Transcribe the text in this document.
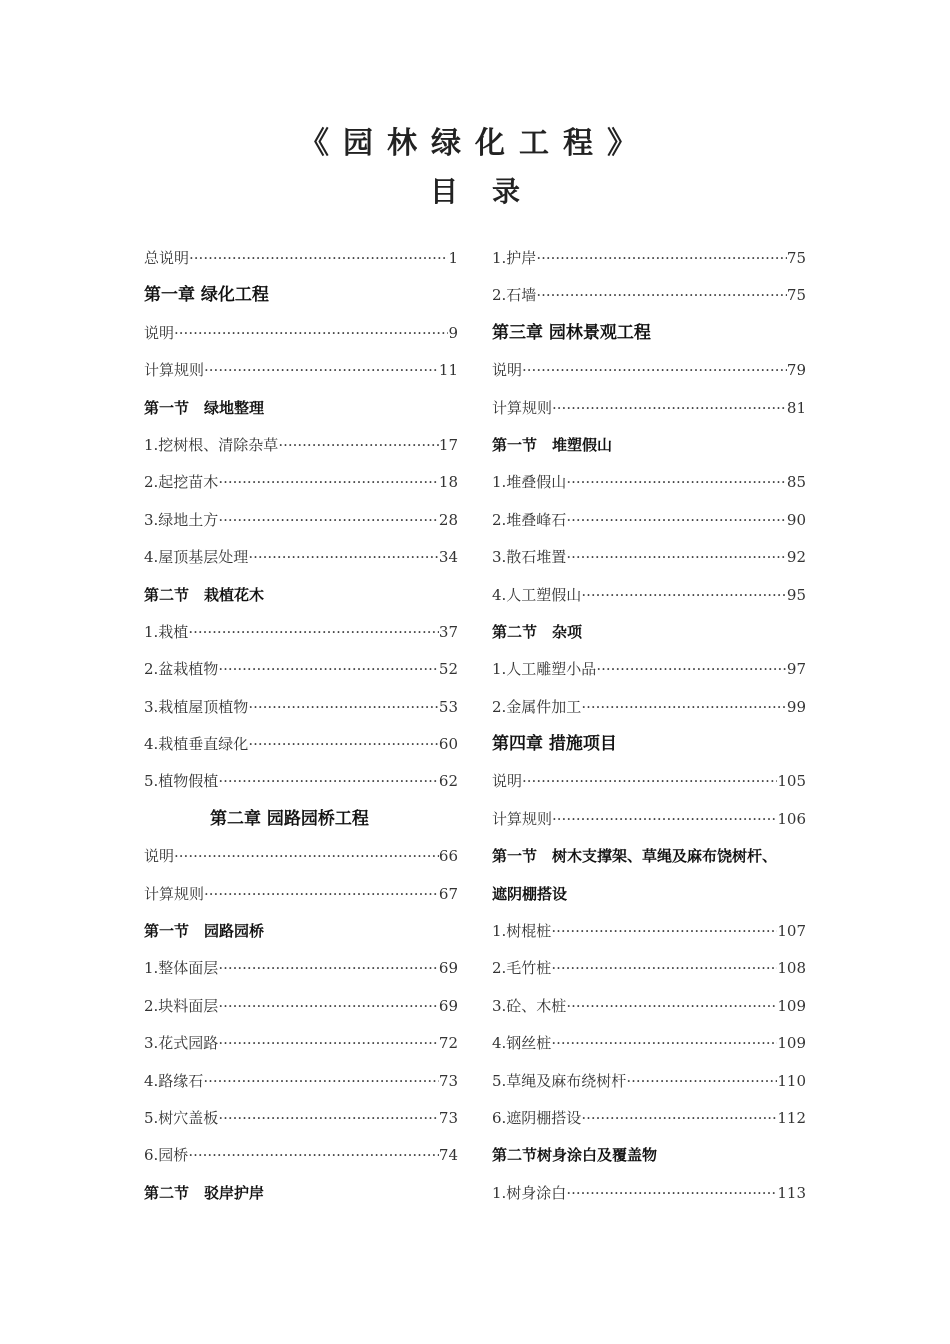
《园林绿化工程》
目录
总说明 ·····	1
第一章 绿化工程
说明 ·····	9
计算规则 ·····	11
第一节　绿地整理
1.挖树根、清除杂草 ·····	17
2.起挖苗木 ·····	18
3.绿地土方 ·····	28
4.屋顶基层处理 ·····	34
第二节　栽植花木
1.栽植 ·····	37
2.盆栽植物 ·····	52
3.栽植屋顶植物 ·····	53
4.栽植垂直绿化 ·····	60
5.植物假植 ·····	62
第二章 园路园桥工程
说明 ·····	66
计算规则 ·····	67
第一节　园路园桥
1.整体面层 ·····	69
2.块料面层 ·····	69
3.花式园路 ·····	72
4.路缘石 ·····	73
5.树穴盖板 ·····	73
6.园桥 ·····	74
第二节　驳岸护岸
1.护岸 ·····	75
2.石墙 ·····	75
第三章 园林景观工程
说明 ·····	79
计算规则 ·····	81
第一节　堆塑假山
1.堆叠假山 ·····	85
2.堆叠峰石 ·····	90
3.散石堆置 ·····	92
4.人工塑假山 ·····	95
第二节　杂项
1.人工雕塑小品 ·····	97
2.金属件加工 ·····	99
第四章 措施项目
说明 ·····	105
计算规则 ·····	106
第一节　树木支撑架、草绳及麻布饶树杆、
遮阴棚搭设
1.树棍桩 ·····	107
2.毛竹桩 ·····	108
3.砼、木桩 ·····	109
4.钢丝桩 ·····	109
5.草绳及麻布绕树杆 ·····	110
6.遮阴棚搭设 ·····	112
第二节树身涂白及覆盖物
1.树身涂白 ·····	113
